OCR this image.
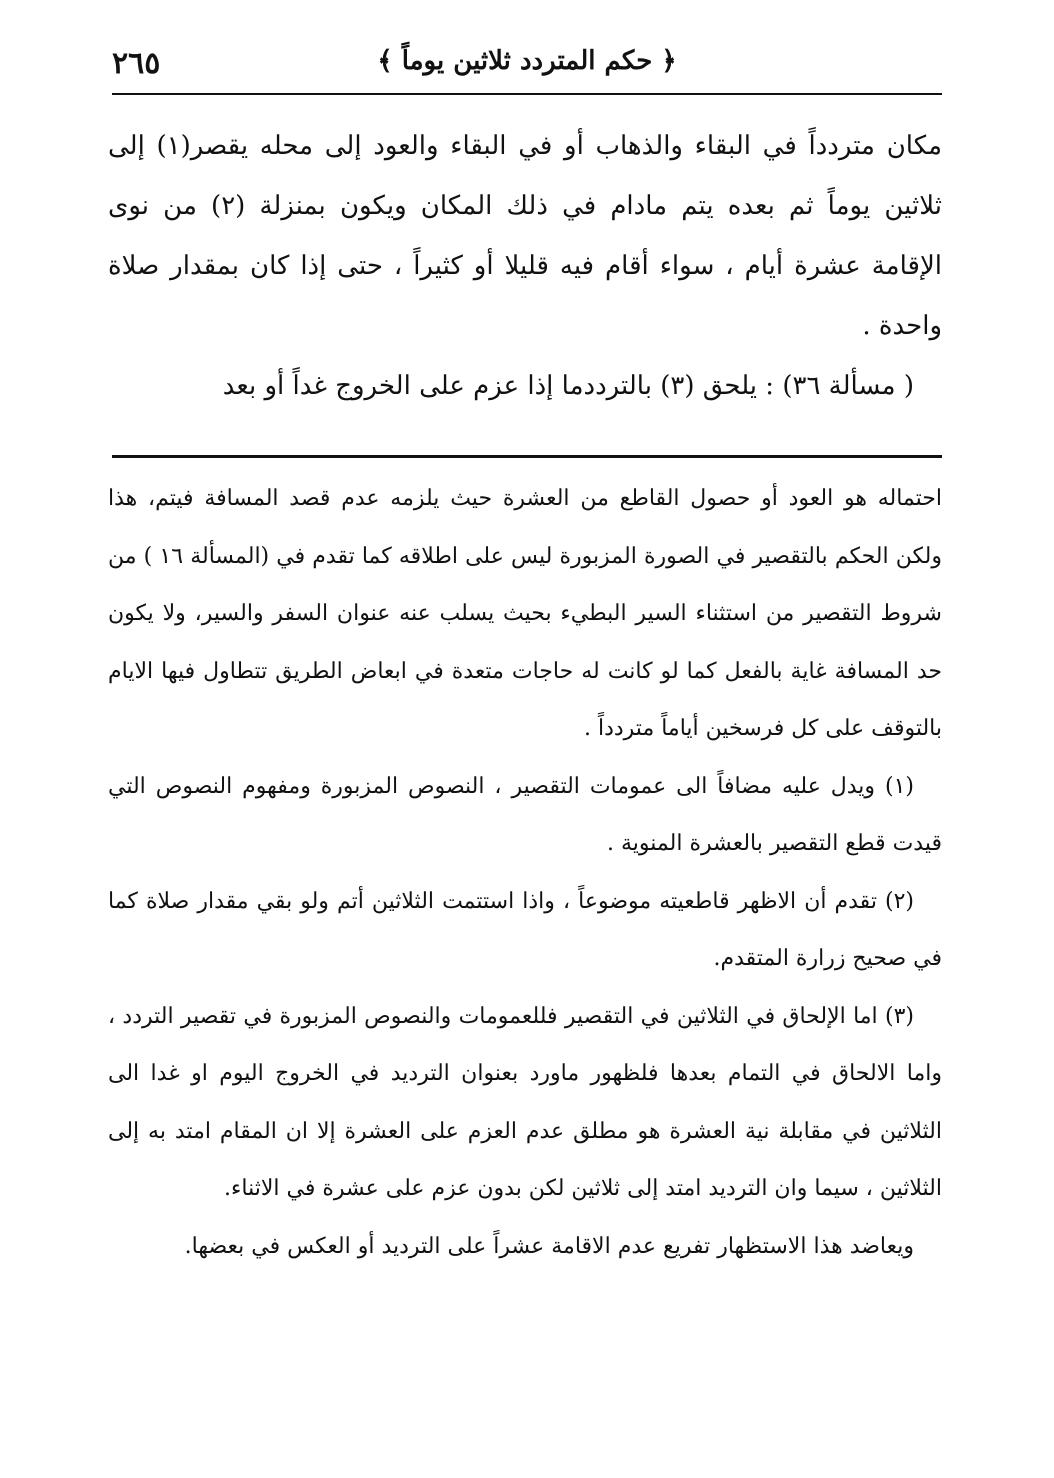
٢٦٥	﴿ حكم المتردد ثلاثين يوماً ﴾

مكان متردداً في البقاء والذهاب أو في البقاء والعود إلى محله يقصر(١) إلى ثلاثين يوماً ثم بعده يتم مادام في ذلك المكان ويكون بمنزلة (٢) من نوى الإقامة عشرة أيام ، سواء أقام فيه قليلا أو كثيراً ، حتى إذا كان بمقدار صلاة واحدة .

( مسألة ٣٦) : يلحق (٣) بالترددما إذا عزم على الخروج غداً أو بعد

احتماله هو العود أو حصول القاطع من العشرة حيث يلزمه عدم قصد المسافة فيتم، هذا ولكن الحكم بالتقصير في الصورة المزبورة ليس على اطلاقه كما تقدم في (المسألة ١٦ ) من شروط التقصير من استثناء السير البطيء بحيث يسلب عنه عنوان السفر والسير، ولا يكون حد المسافة غاية بالفعل كما لو كانت له حاجات متعدة في ابعاض الطريق تتطاول فيها الايام بالتوقف على كل فرسخين أياماً متردداً .

(١) ويدل عليه مضافاً الى عمومات التقصير ، النصوص المزبورة ومفهوم النصوص التي قيدت قطع التقصير بالعشرة المنوية .

(٢) تقدم أن الاظهر قاطعيته موضوعاً ، واذا استتمت الثلاثين أتم ولو بقي مقدار صلاة كما في صحيح زرارة المتقدم.

(٣) اما الإلحاق في الثلاثين في التقصير فللعمومات والنصوص المزبورة في تقصير التردد ، واما الالحاق في التمام بعدها فلظهور ماورد بعنوان الترديد في الخروج اليوم او غدا الى الثلاثين في مقابلة نية العشرة هو مطلق عدم العزم على العشرة إلا ان المقام امتد به إلى الثلاثين ، سيما وان الترديد امتد إلى ثلاثين لكن بدون عزم على عشرة في الاثناء.

ويعاضد هذا الاستظهار تفريع عدم الاقامة عشراً على الترديد أو العكس في بعضها.
